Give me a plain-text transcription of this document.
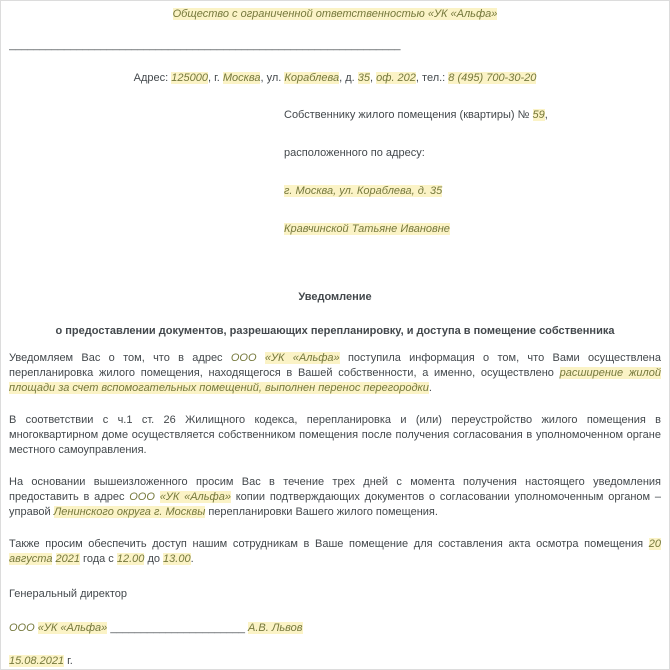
Общество с ограниченной ответственностью «УК «Альфа»
________________________________________________________________
Адрес: 125000, г. Москва, ул. Кораблева, д. 35, оф. 202, тел.: 8 (495) 700-30-20
Собственнику жилого помещения (квартиры) № 59,
расположенного по адресу:
г. Москва, ул. Кораблева, д. 35
Кравчинской Татьяне Ивановне
Уведомление
о предоставлении документов, разрешающих перепланировку, и доступа в помещение собственника
Уведомляем Вас о том, что в адрес ООО «УК «Альфа» поступила информация о том, что Вами осуществлена перепланировка жилого помещения, находящегося в Вашей собственности, а именно, осуществлено расширение жилой площади за счет вспомогательных помещений, выполнен перенос перегородки.
В соответствии с ч.1 ст. 26 Жилищного кодекса, перепланировка и (или) переустройство жилого помещения в многоквартирном доме осуществляется собственником помещения после получения согласования в уполномоченном органе местного самоуправления.
На основании вышеизложенного просим Вас в течение трех дней с момента получения настоящего уведомления предоставить в адрес ООО «УК «Альфа» копии подтверждающих документов о согласовании уполномоченным органом – управой Ленинского округа г. Москвы перепланировки Вашего жилого помещения.
Также просим обеспечить доступ нашим сотрудникам в Ваше помещение для составления акта осмотра помещения 20 августа 2021 года с 12.00 до 13.00.
Генеральный директор
ООО «УК «Альфа» ______________________ А.В. Львов
15.08.2021 г.
